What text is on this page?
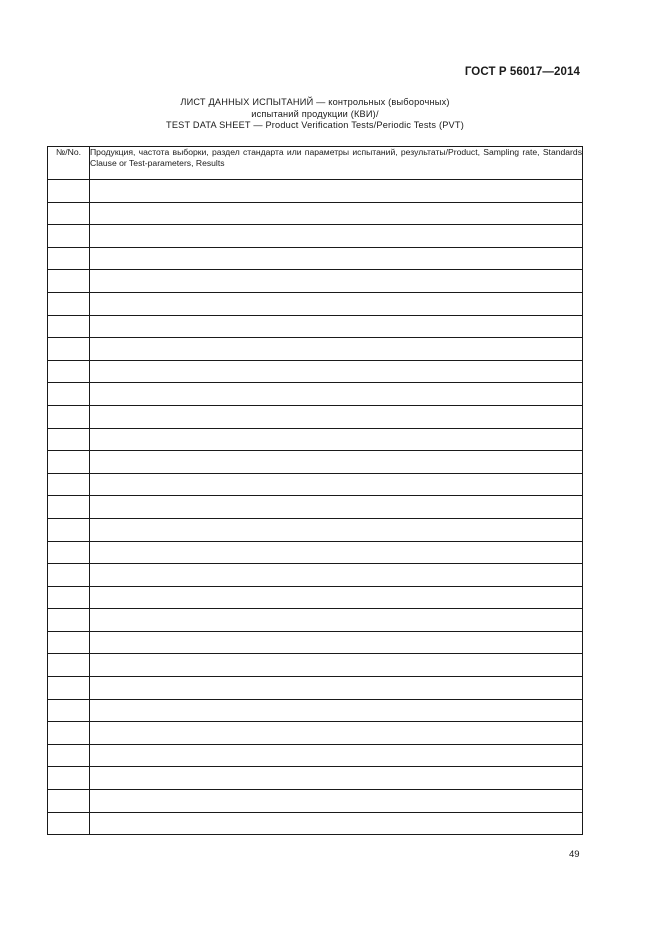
ГОСТ Р 56017—2014
ЛИСТ ДАННЫХ ИСПЫТАНИЙ — контрольных (выборочных)
испытаний продукции (КВИ)/
TEST DATA SHEET — Product Verification Tests/Periodic Tests (PVT)
№/No.	Продукция, частота выборки, раздел стандарта или параметры испытаний, результаты/Product, Sampling rate, Standards Clause or Test-parameters, Results

49
